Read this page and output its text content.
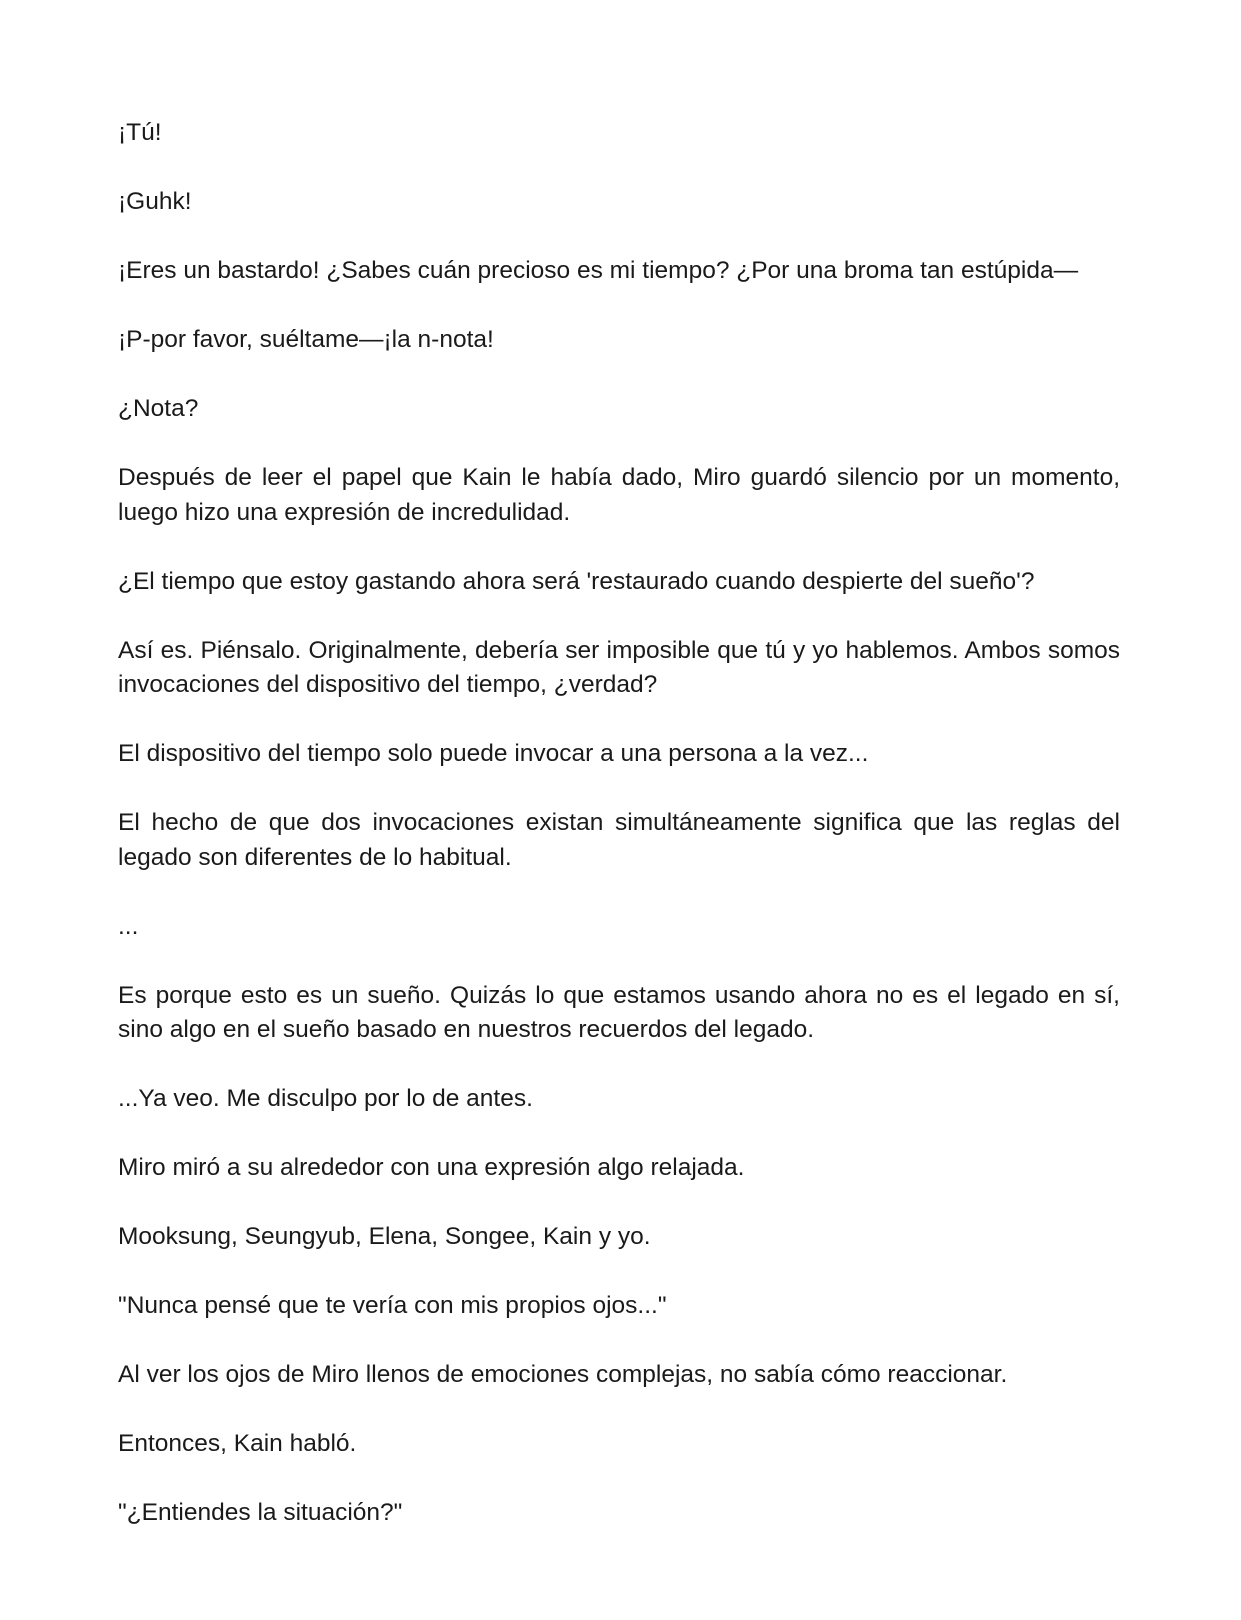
¡Tú!

¡Guhk!

¡Eres un bastardo! ¿Sabes cuán precioso es mi tiempo? ¿Por una broma tan estúpida—

¡P-por favor, suéltame—¡la n-nota!

¿Nota?

Después de leer el papel que Kain le había dado, Miro guardó silencio por un momento, luego hizo una expresión de incredulidad.

¿El tiempo que estoy gastando ahora será 'restaurado cuando despierte del sueño'?

Así es. Piénsalo. Originalmente, debería ser imposible que tú y yo hablemos. Ambos somos invocaciones del dispositivo del tiempo, ¿verdad?

El dispositivo del tiempo solo puede invocar a una persona a la vez...

El hecho de que dos invocaciones existan simultáneamente significa que las reglas del legado son diferentes de lo habitual.

...

Es porque esto es un sueño. Quizás lo que estamos usando ahora no es el legado en sí, sino algo en el sueño basado en nuestros recuerdos del legado.

...Ya veo. Me disculpo por lo de antes.

Miro miró a su alrededor con una expresión algo relajada.

Mooksung, Seungyub, Elena, Songee, Kain y yo.

"Nunca pensé que te vería con mis propios ojos..."

Al ver los ojos de Miro llenos de emociones complejas, no sabía cómo reaccionar.

Entonces, Kain habló.

"¿Entiendes la situación?"
